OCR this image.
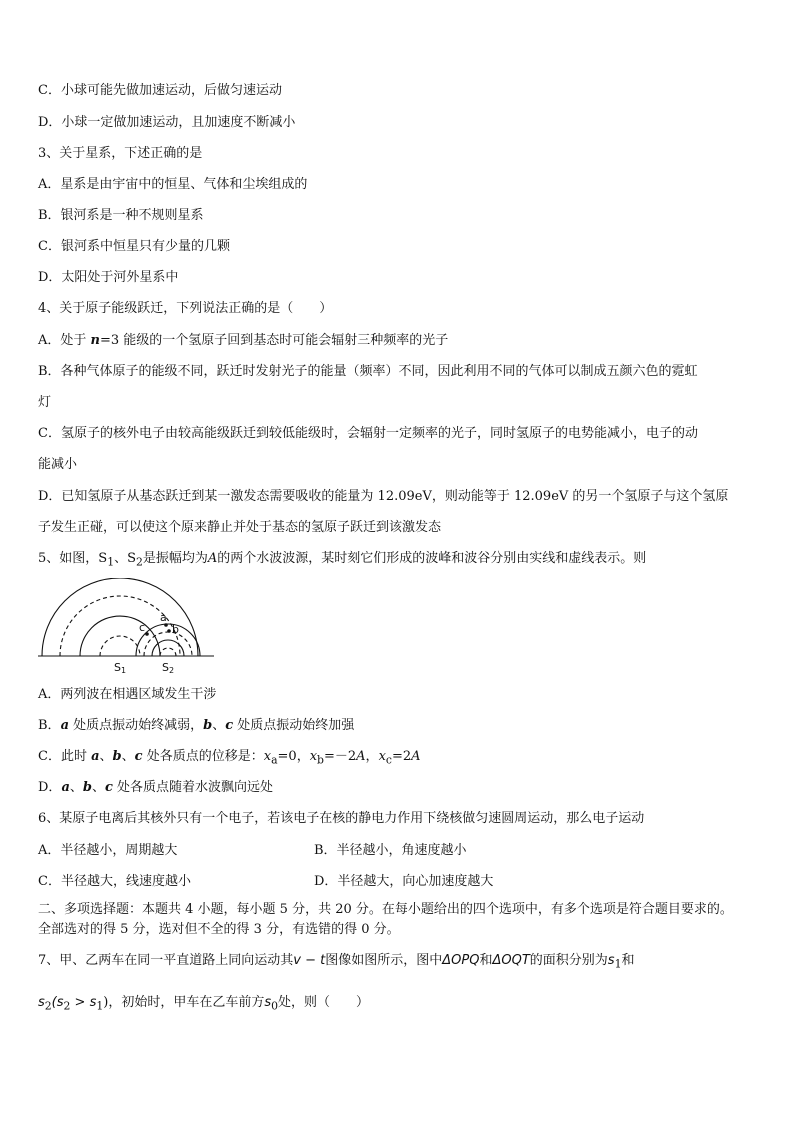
C．小球可能先做加速运动，后做匀速运动
D．小球一定做加速运动，且加速度不断减小
3、关于星系，下述正确的是
A．星系是由宇宙中的恒星、气体和尘埃组成的
B．银河系是一种不规则星系
C．银河系中恒星只有少量的几颗
D．太阳处于河外星系中
4、关于原子能级跃迁，下列说法正确的是（　　）
A．处于 n=3 能级的一个氢原子回到基态时可能会辐射三种频率的光子
B．各种气体原子的能级不同，跃迁时发射光子的能量（频率）不同，因此利用不同的气体可以制成五颜六色的霓虹
灯
C．氢原子的核外电子由较高能级跃迁到较低能级时，会辐射一定频率的光子，同时氢原子的电势能减小，电子的动
能减小
D．已知氢原子从基态跃迁到某一激发态需要吸收的能量为 12.09eV，则动能等于 12.09eV 的另一个氢原子与这个氢原
子发生正碰，可以使这个原来静止并处于基态的氢原子跃迁到该激发态
5、如图，$S_1$、$S_2$是振幅均为A的两个水波波源，某时刻它们形成的波峰和波谷分别由实线和虚线表示。则
a
b
c
S1	S2
A．两列波在相遇区域发生干涉
B．a 处质点振动始终减弱，b、c 处质点振动始终加强
C．此时 a、b、c 处各质点的位移是：$x_a=0$，$x_b=-2A$，$x_c=2A$
D．a、b、c 处各质点随着水波飘向远处
6、某原子电离后其核外只有一个电子，若该电子在核的静电力作用下绕核做匀速圆周运动，那么电子运动
A．半径越小，周期越大	B．半径越小，角速度越小
C．半径越大，线速度越小	D．半径越大，向心加速度越大
二、多项选择题：本题共 4 小题，每小题 5 分，共 20 分。在每小题给出的四个选项中，有多个选项是符合题目要求的。
全部选对的得 5 分，选对但不全的得 3 分，有选错的得 0 分。
7、甲、乙两车在同一平直道路上同向运动其v − t图像如图所示，图中ΔOPQ和ΔOQT的面积分别为$s_1$和
$s_2(s_2 > s_1)$，初始时，甲车在乙车前方$s_0$处，则（　　）
